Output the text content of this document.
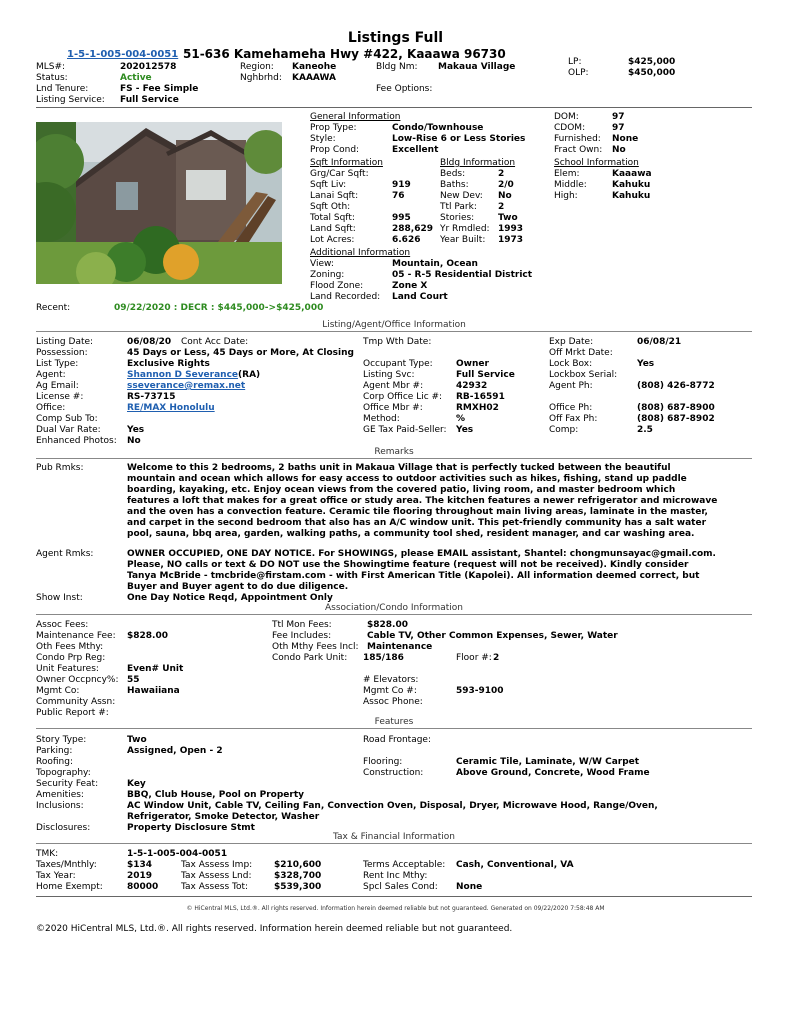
Listings Full
1-5-1-005-004-0051 51-636 Kamehameha Hwy #422, Kaaawa 96730
MLS#:	202012578
Status:	Active
Lnd Tenure:	FS - Fee Simple
Listing Service: Full Service
Region: Kaneohe
Nghbrhd: KAAAWA
Bldg Nm: Makaua Village
Fee Options:
LP:	$425,000
OLP:	$450,000
General Information
Prop Type:	Condo/Townhouse
Style:	Low-Rise 6 or Less Stories
Prop Cond:	Excellent
DOM:	97
CDOM:	97
Furnished: None
Fract Own: No
Sqft Information
Grg/Car Sqft:
Sqft Liv:	919
Lanai Sqft:	76
Sqft Oth:
Total Sqft:	995
Land Sqft:	288,629
Lot Acres:	6.626
Bldg Information
Beds:	2
Baths:	2/0
New Dev: No
Ttl Park: 2
Stories:	Two
Yr Rmdled: 1993
Year Built: 1973
School Information
Elem:	Kaaawa
Middle:	Kahuku
High:	Kahuku
Additional Information
View:	Mountain, Ocean
Zoning:	05 - R-5 Residential District
Flood Zone:	Zone X
Land Recorded: Land Court
Recent:	09/22/2020 : DECR : $445,000->$425,000
Listing/Agent/Office Information
Listing Date:	06/08/20 Cont Acc Date:	Tmp Wth Date:	Exp Date:	06/08/21
Possession:	45 Days or Less, 45 Days or More, At Closing	Off Mrkt Date:
List Type:	Exclusive Rights	Occupant Type:	Owner	Lock Box:	Yes
Agent:	Shannon D Severance(RA)	Listing Svc:	Full Service	Lockbox Serial:
Ag Email:	sseverance@remax.net	Agent Mbr #:	42932	Agent Ph:	(808) 426-8772
License #:	RS-73715	Corp Office Lic #: RB-16591
Office:	RE/MAX Honolulu	Office Mbr #:	RMXH02	Office Ph:	(808) 687-8900
Comp Sub To:	Method:	%	Off Fax Ph:	(808) 687-8902
Dual Var Rate:	Yes	GE Tax Paid-Seller: Yes	Comp:	2.5
Enhanced Photos: No
Remarks
Pub Rmks:	Welcome to this 2 bedrooms, 2 baths unit in Makaua Village that is perfectly tucked between the beautiful mountain and ocean which allows for easy access to outdoor activities such as hikes, fishing, stand up paddle boarding, kayaking, etc. Enjoy ocean views from the covered patio, living room, and master bedroom which features a loft that makes for a great office or study area. The kitchen features a newer refrigerator and microwave and the oven has a convection feature. Ceramic tile flooring throughout main living areas, laminate in the master, and carpet in the second bedroom that also has an A/C window unit. This pet-friendly community has a salt water pool, sauna, bbq area, garden, walking paths, a community tool shed, resident manager, and car washing area.
Agent Rmks:	OWNER OCCUPIED, ONE DAY NOTICE. For SHOWINGS, please EMAIL assistant, Shantel: chongmunsayac@gmail.com. Please, NO calls or text & DO NOT use the Showingtime feature (request will not be received). Kindly consider Tanya McBride - tmcbride@firstam.com - with First American Title (Kapolei). All information deemed correct, but Buyer and Buyer agent to do due diligence.
Show Inst:	One Day Notice Reqd, Appointment Only
Association/Condo Information
Assoc Fees:	Ttl Mon Fees:	$828.00
Maintenance Fee: $828.00	Fee Includes:	Cable TV, Other Common Expenses, Sewer, Water
Oth Fees Mthy:	Oth Mthy Fees Incl: Maintenance
Condo Prp Reg:	Condo Park Unit: 185/186	Floor #: 2
Unit Features:	Even# Unit
Owner Occpncy%: 55	# Elevators:
Mgmt Co:	Hawaiiana	Mgmt Co #:	593-9100
Community Assn:	Assoc Phone:
Public Report #:
Features
Story Type:	Two	Road Frontage:
Parking:	Assigned, Open - 2
Roofing:	Flooring:	Ceramic Tile, Laminate, W/W Carpet
Topography:	Construction:	Above Ground, Concrete, Wood Frame
Security Feat:	Key
Amenities:	BBQ, Club House, Pool on Property
Inclusions:	AC Window Unit, Cable TV, Ceiling Fan, Convection Oven, Disposal, Dryer, Microwave Hood, Range/Oven, Refrigerator, Smoke Detector, Washer
Disclosures:	Property Disclosure Stmt
Tax & Financial Information
TMK:	1-5-1-005-004-0051
Taxes/Mnthly:	$134	Tax Assess Imp: $210,600	Terms Acceptable: Cash, Conventional, VA
Tax Year:	2019	Tax Assess Lnd:	$328,700	Rent Inc Mthy:
Home Exempt:	80000	Tax Assess Tot:	$539,300	Spcl Sales Cond: None
© HiCentral MLS, Ltd.®. All rights reserved. Information herein deemed reliable but not guaranteed. Generated on 09/22/2020 7:58:48 AM
©2020 HiCentral MLS, Ltd.®. All rights reserved. Information herein deemed reliable but not guaranteed.
